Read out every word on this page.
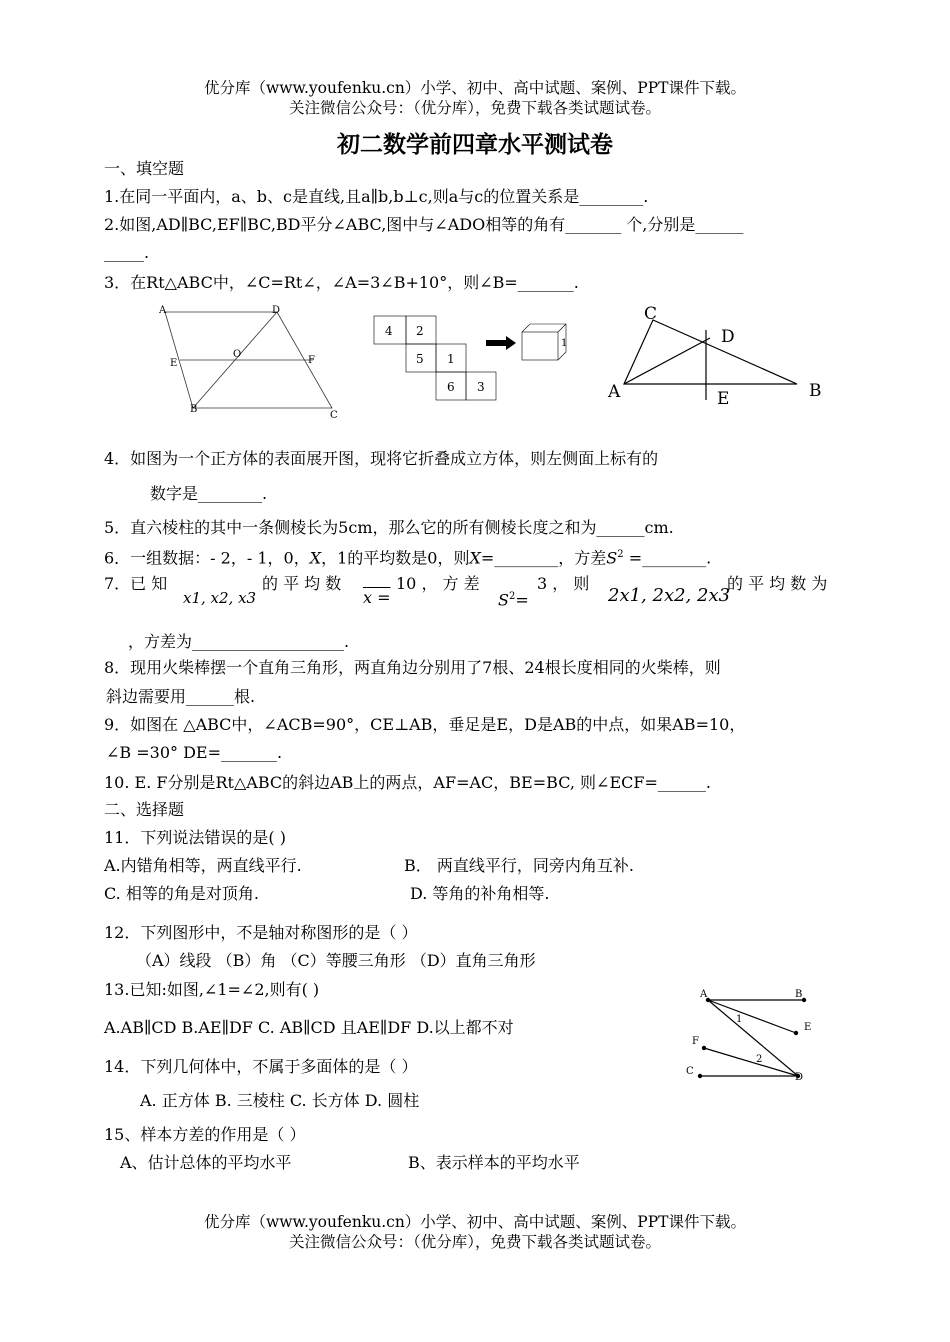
优分库（www.youfenku.cn）小学、初中、高中试题、案例、PPT课件下载。
关注微信公众号：（优分库），免费下载各类试题试卷。
初二数学前四章水平测试卷
一、填空题
1.在同一平面内，a、b、c是直线,且a∥b,b⊥c,则a与c的位置关系是________.
2.如图,AD∥BC,EF∥BC,BD平分∠ABC,图中与∠ADO相等的角有_______ 个,分别是______
_____.
3．在Rt△ABC中，∠C=Rt∠，∠A=3∠B+10°，则∠B=_______.
A	D
E
O
F
B
C
4 2
5 1
6 3
1
C
D
A	E	B
4．如图为一个正方体的表面展开图，现将它折叠成立方体，则左侧面上标有的
数字是________.
5．直六棱柱的其中一条侧棱长为5cm，那么它的所有侧棱长度之和为______cm.
6．一组数据：- 2，- 1，0，X，1的平均数是0，则X=________，方差$S^2$ =________.
7．已 知
x1, x2, x3
的 平 均 数
x =
10 ， 方 差
$S^2=$
3 ， 则
2x1, 2x2, 2x3
的 平 均 数 为
，方差为___________________.
8．现用火柴棒摆一个直角三角形，两直角边分别用了7根、24根长度相同的火柴棒，则
斜边需要用______根.
9．如图在 △ABC中，∠ACB=90°，CE⊥AB，垂足是E，D是AB的中点，如果AB=10，
∠B =30° DE=_______.
10. E. F分别是Rt△ABC的斜边AB上的两点，AF=AC，BE=BC, 则∠ECF=______.
二、选择题
11．下列说法错误的是( )
A.内错角相等，两直线平行.	B． 两直线平行，同旁内角互补.
C. 相等的角是对顶角.	D. 等角的补角相等.
12．下列图形中，不是轴对称图形的是（ ）
（A）线段 （B）角 （C）等腰三角形 （D）直角三角形
13.已知:如图,∠1=∠2,则有( )
A.AB∥CD B.AE∥DF C. AB∥CD 且AE∥DF D.以上都不对
A	B
E
F
C
D
1
2
14．下列几何体中，不属于多面体的是（ ）
A. 正方体 B. 三棱柱 C. 长方体 D. 圆柱
15、样本方差的作用是（ ）
A、估计总体的平均水平	B、表示样本的平均水平
优分库（www.youfenku.cn）小学、初中、高中试题、案例、PPT课件下载。
关注微信公众号：（优分库），免费下载各类试题试卷。
